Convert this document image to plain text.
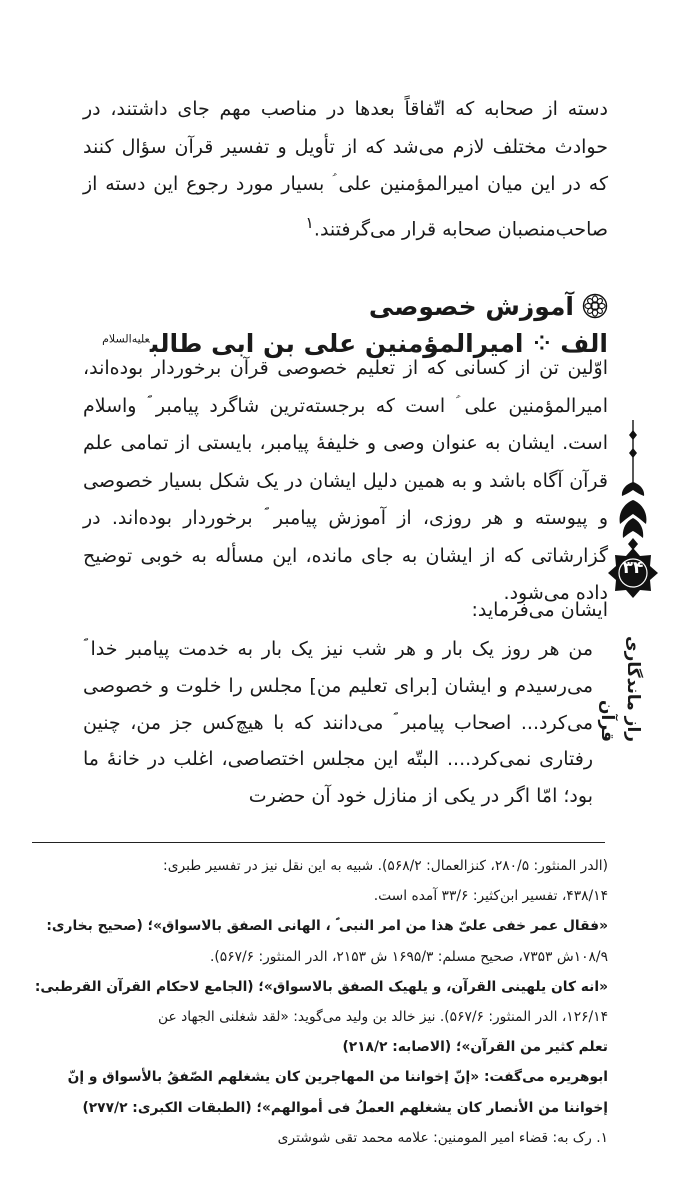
دسته از صحابه که اتّفاقاً بعدها در مناصب مهم جای داشتند، در حوادث مختلف لازم می‌شد که از تأویل و تفسیر قرآن سؤال کنند که در این میان امیرالمؤمنین علی ؑ بسیار مورد رجوع این دسته از صاحب‌منصبان صحابه قرار می‌گرفتند.$^۱$

آموزش خصوصی
الف
⁘
امیرالمؤمنین علی بن ابی طالب$^{علیه‌السلام}$

اوّلین تن از کسانی که از تعلیم خصوصی قرآن برخوردار بوده‌اند، امیرالمؤمنین علی ؑ است که برجسته‌ترین شاگرد پیامبر ؐ واسلام است. ایشان به عنوان وصی و خلیفهٔ پیامبر، بایستی از تمامی علم قرآن آگاه باشد و به همین دلیل ایشان در یک شکل بسیار خصوصی و پیوسته و هر روزی، از آموزش پیامبر ؐ برخوردار بوده‌اند. در گزارشاتی که از ایشان به جای مانده، این مسأله به خوبی توضیح داده می‌شود.

ایشان می‌فرماید:

من هر روز یک بار و هر شب نیز یک بار به خدمت پیامبر خدا ؐ می‌رسیدم و ایشان [برای تعلیم من] مجلس را خلوت و خصوصی می‌کرد... اصحاب پیامبر ؐ می‌دانند که با هیچ‌کس جز من، چنین رفتاری نمی‌کرد.... البتّه این مجلس اختصاصی، اغلب در خانهٔ ما بود؛ امّا اگر در یکی از منازل خود آن حضرت

(الدر المنثور: ۲۸۰/۵، کنزالعمال: ۵۶۸/۲). شبیه به این نقل نیز در تفسیر طبری:
۴۳۸/۱۴، تفسیر ابن‌کثیر: ۳۳/۶ آمده است.
«فقال عمر خفی علیّ هذا من امر النبی ؐ ، الهانی الصفق بالاسواق»؛ (صحیح بخاری:
۱۰۸/۹ش ۷۳۵۳، صحیح مسلم: ۱۶۹۵/۳ ش ۲۱۵۳، الدر المنثور: ۵۶۷/۶).
«انه کان یلهینی القرآن، و یلهیک الصفق بالاسواق»؛ (الجامع لاحکام القرآن القرطبی:
۱۲۶/۱۴، الدر المنثور: ۵۶۷/۶). نیز خالد بن ولید می‌گوید: «لقد شغلنی الجهاد عن
تعلم کثیر من القرآن»؛ (الاصابه: ۲۱۸/۲)
ابوهریره می‌گفت: «إنّ إخواننا من المهاجرین کان یشغلهم الصّفقُ بالأسواق و إنّ
إخواننا من الأنصار کان یشغلهم العملُ فی أموالهم»؛ (الطبقات الکبری: ۲۷۷/۲)
۱. رک به: قضاء امیر المومنین: علامه محمد تقی شوشتری
۳۴
راز ماندگاری قرآن
